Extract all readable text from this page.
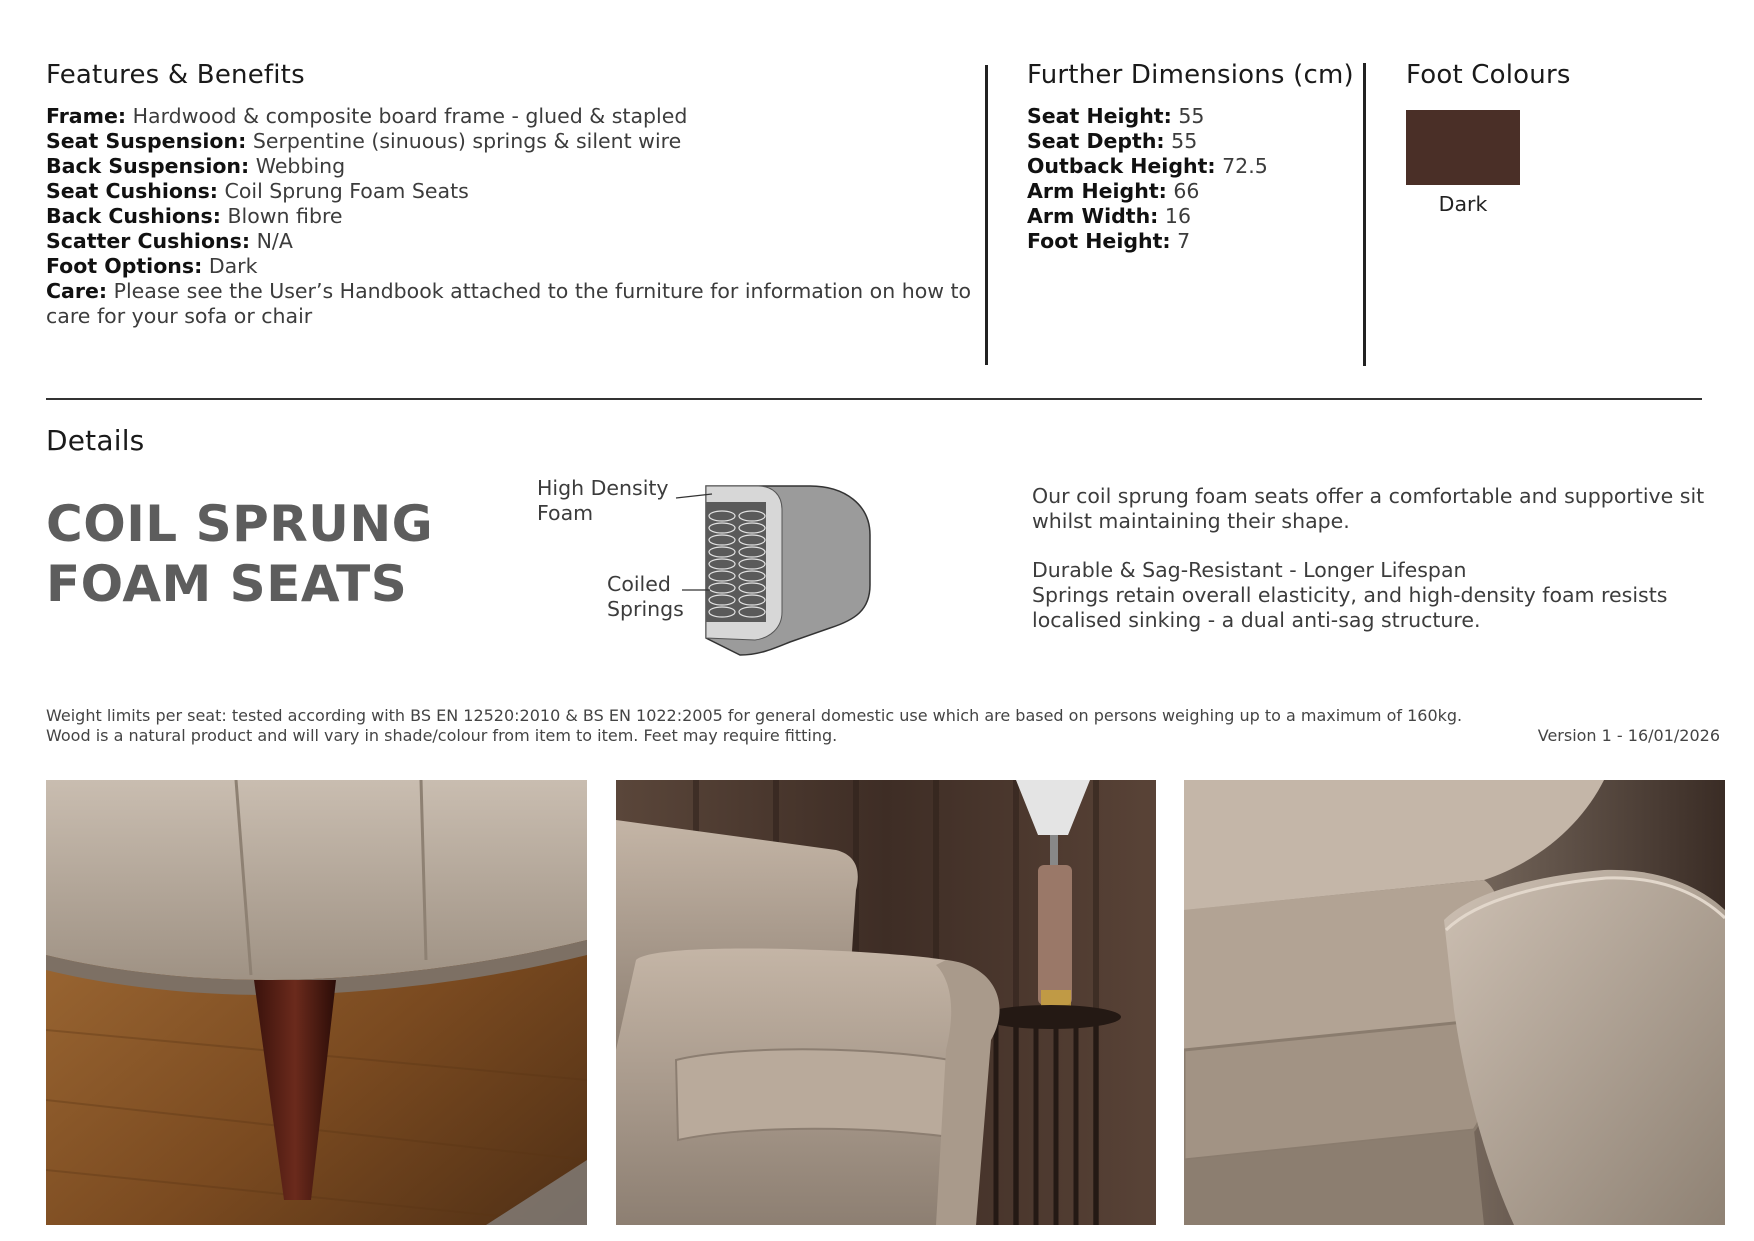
Features & Benefits
Frame: Hardwood & composite board frame - glued & stapled
Seat Suspension: Serpentine (sinuous) springs & silent wire
Back Suspension: Webbing
Seat Cushions: Coil Sprung Foam Seats
Back Cushions: Blown fibre
Scatter Cushions: N/A
Foot Options: Dark
Care: Please see the User’s Handbook attached to the furniture for information on how to care for your sofa or chair
Further Dimensions (cm)
Seat Height: 55
Seat Depth: 55
Outback Height: 72.5
Arm Height: 66
Arm Width: 16
Foot Height: 7
Foot Colours
Dark
Details
COIL SPRUNG
FOAM SEATS
High Density
Foam
Coiled
Springs
Our coil sprung foam seats offer a comfortable and supportive sit whilst maintaining their shape.
Durable & Sag-Resistant - Longer Lifespan
Springs retain overall elasticity, and high-density foam resists localised sinking - a dual anti-sag structure.
Weight limits per seat: tested according with BS EN 12520:2010 & BS EN 1022:2005 for general domestic use which are based on persons weighing up to a maximum of 160kg.
Wood is a natural product and will vary in shade/colour from item to item. Feet may require fitting.	Version 1 - 16/01/2026
